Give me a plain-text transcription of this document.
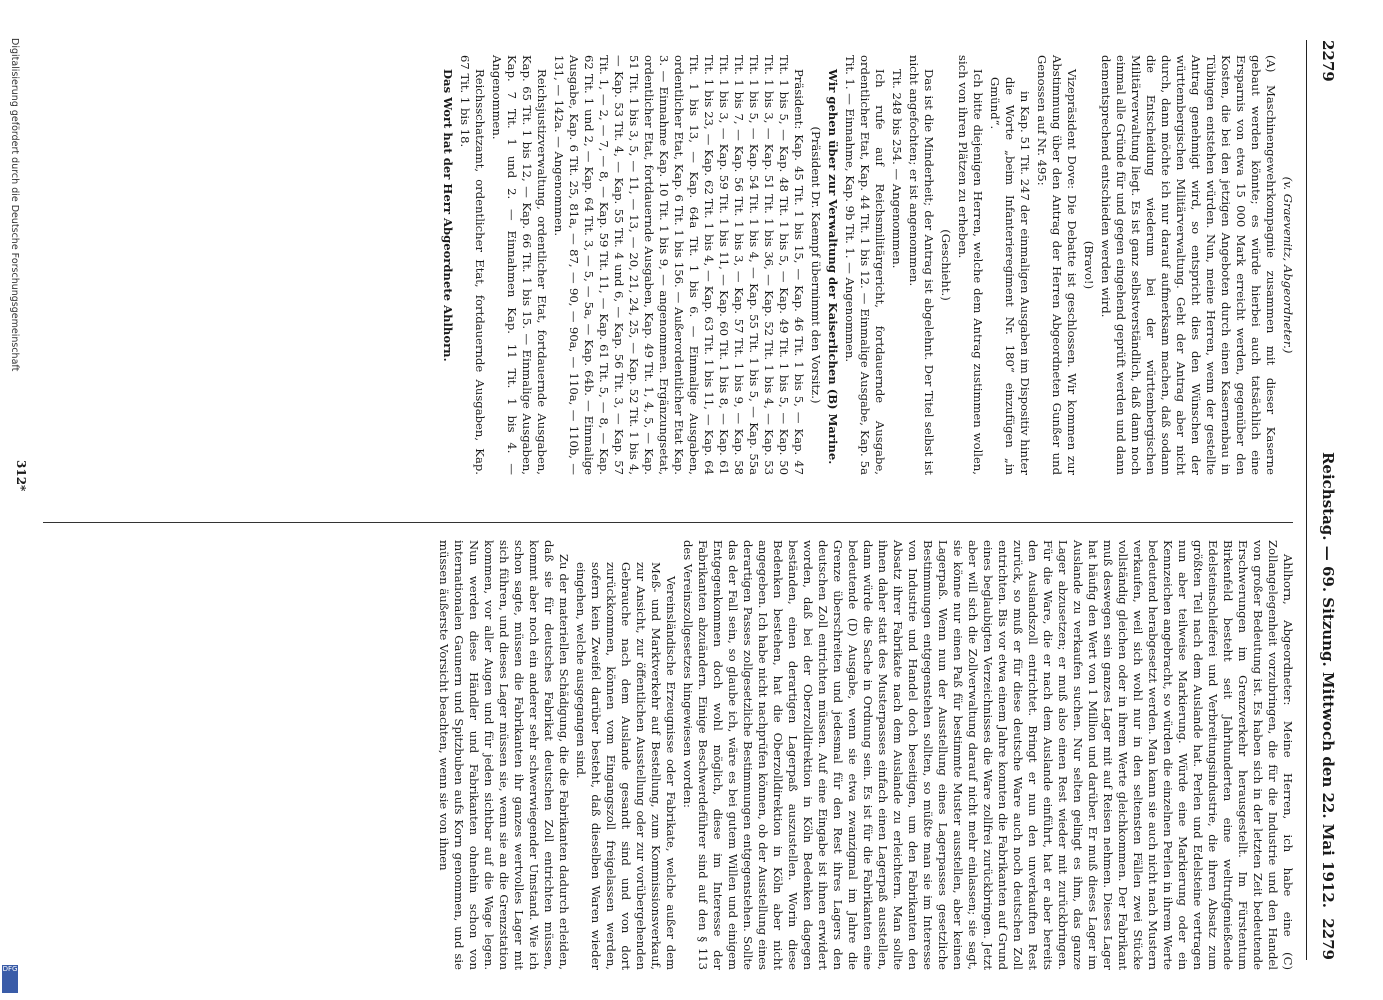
2279
Reichstag. — 69. Sitzung. Mittwoch den 22. Mai 1912.
2279

(v. Graevenitz, Abgeordneter.)

(A) Maschinengewehrkompagnie zusammen mit dieser Kaserne gebaut werden könnte; es würde hierbei auch tatsächlich eine Ersparnis von etwa 15 000 Mark erreicht werden, gegenüber den Kosten, die bei den jetzigen Angeboten durch einen Kasernenbau in Tübingen entstehen würden. Nun, meine Herren, wenn der gestellte Antrag genehmigt wird, so entspricht dies den Wünschen der württembergischen Militärverwaltung. Geht der Antrag aber nicht durch, dann möchte ich nur darauf aufmerksam machen, daß sodann die Entscheidung wiederum bei der württembergischen Militärverwaltung liegt. Es ist ganz selbstverständlich, daß dann noch einmal alle Gründe für und gegen eingehend geprüft werden und dann dementsprechend entschieden werden wird.

(Bravo!)

Vizepräsident Dove: Die Debatte ist geschlossen. Wir kommen zur Abstimmung über den Antrag der Herren Abgeordneten Gunßer und Genossen auf Nr. 495:

in Kap. 51 Tit. 247 der einmaligen Ausgaben im Dispositiv hinter die Worte „beim Infanterieregiment Nr. 180“ einzufügen „in Gmünd“.

Ich bitte diejenigen Herren, welche dem Antrag zustimmen wollen, sich von ihren Plätzen zu erheben.

(Geschieht.)

Das ist die Minderheit; der Antrag ist abgelehnt. Der Titel selbst ist nicht angefochten; er ist angenommen.

Tit. 248 bis 254. — Angenommen.

Ich rufe auf Reichsmilitärgericht, fortdauernde Ausgabe, ordentlicher Etat, Kap. 44 Tit. 1 bis 12. — Einmalige Ausgabe, Kap. 5a Tit. 1. — Einnahme, Kap. 9b Tit. 1. — Angenommen.

Wir gehen über zur Verwaltung der Kaiserlichen (B) Marine.

(Präsident Dr. Kaempf übernimmt den Vorsitz.)

Präsident: Kap. 45 Tit. 1 bis 15, — Kap. 46 Tit. 1 bis 5, — Kap. 47 Tit. 1 bis 5, — Kap. 48 Tit. 1 bis 5, — Kap. 49 Tit. 1 bis 5, — Kap. 50 Tit. 1 bis 3, — Kap. 51 Tit. 1 bis 36, — Kap. 52 Tit. 1 bis 4, — Kap. 53 Tit. 1 bis 5, — Kap. 54 Tit. 1 bis 4, — Kap. 55 Tit. 1 bis 5, — Kap. 55a Tit. 1 bis 7, — Kap. 56 Tit. 1 bis 3, — Kap. 57 Tit. 1 bis 9, — Kap. 58 Tit. 1 bis 3, — Kap. 59 Tit. 1 bis 11, — Kap. 60 Tit. 1 bis 8, — Kap. 61 Tit. 1 bis 23, — Kap. 62 Tit. 1 bis 4, — Kap. 63 Tit. 1 bis 11, — Kap. 64 Tit. 1 bis 13, — Kap. 64a Tit. 1 bis 6. — Einmalige Ausgaben, ordentlicher Etat, Kap. 6 Tit. 1 bis 156. — Außerordentlicher Etat Kap. 3. — Einnahme Kap. 10 Tit. 1 bis 9, — angenommen. Ergänzungsetat, ordentlicher Etat, fortdauernde Ausgaben, Kap. 49 Tit. 1, 4, 5, — Kap. 51 Tit. 1 bis 3, 5, — 11, — 13, — 20, 21, 24, 25, — Kap. 52 Tit. 1 bis 4, — Kap. 53 Tit. 4, — Kap. 55 Tit. 4 und 6, — Kap. 56 Tit. 3, — Kap. 57 Tit. 1, — 2, — 7, — 8, — Kap. 59 Tit. 11, — Kap. 61 Tit. 5, — 8, — Kap. 62 Tit. 1 und 2, — Kap. 64 Tit. 3, — 5, — 5a, — Kap. 64b. — Einmalige Ausgabe, Kap. 6 Tit. 25, 81a, — 87, — 90, — 90a, — 110a, — 110b, — 131, — 142a. — Angenommen.

Reichsjustizverwaltung, ordentlicher Etat, fortdauernde Ausgaben, Kap. 65 Tit. 1 bis 12, — Kap. 66 Tit. 1 bis 15. — Einmalige Ausgaben, Kap. 7 Tit. 1 und 2. — Einnahmen Kap. 11 Tit. 1 bis 4. — Angenommen.

Reichsschatzamt, ordentlicher Etat, fortdauernde Ausgaben, Kap. 67 Tit. 1 bis 18.

Das Wort hat der Herr Abgeordnete Ahlhorn.

Ahlhorn, Abgeordneter: Meine Herren, ich habe eine (C) Zollangelegenheit vorzubringen, die für die Industrie und den Handel von großer Bedeutung ist. Es haben sich in der letzten Zeit bedeutende Erschwerungen im Grenzverkehr herausgestellt. Im Fürstentum Birkenfeld besteht seit Jahrhunderten eine weltrufgenießende Edelsteinschleiferei und Verbreitungsindustrie, die ihren Absatz zum größten Teil nach dem Auslande hat. Perlen und Edelsteine vertragen nun aber teilweise Markierung. Würde eine Markierung oder ein Kennzeichen angebracht, so würden die einzelnen Perlen in ihrem Werte bedeutend herabgesetzt werden. Man kann sie auch nicht nach Mustern verkaufen, weil sich wohl nur in den seltensten Fällen zwei Stücke vollständig gleichen oder in ihrem Werte gleichkommen. Der Fabrikant muß deswegen sein ganzes Lager mit auf Reisen nehmen. Dieses Lager hat häufig den Wert von 1 Million und darüber. Er muß dieses Lager im Auslande zu verkaufen suchen. Nur selten gelingt es ihm, das ganze Lager abzusetzen; er muß also einen Rest wieder mit zurückbringen. Für die Ware, die er nach dem Auslande einführt, hat er aber bereits den Auslandszoll entrichtet. Bringt er nun den unverkauften Rest zurück, so muß er für diese deutsche Ware auch noch deutschen Zoll entrichten. Bis vor etwa einem Jahre konnten die Fabrikanten auf Grund eines beglaubigten Verzeichnisses die Ware zollfrei zurückbringen. Jetzt aber will sich die Zollverwaltung darauf nicht mehr einlassen; sie sagt, sie könne nur einen Paß für bestimmte Muster ausstellen, aber keinen Lagerpaß. Wenn nun der Ausstellung eines Lagerpasses gesetzliche Bestimmungen entgegenstehen sollten, so müßte man sie im Interesse von Industrie und Handel doch beseitigen, um den Fabrikanten den Absatz ihrer Fabrikate nach dem Auslande zu erleichtern. Man sollte ihnen daher statt des Musterpasses einfach einen Lagerpaß ausstellen, dann würde die Sache in Ordnung sein. Es ist für die Fabrikanten eine bedeutende (D) Ausgabe, wenn sie etwa zwanzigmal im Jahre die Grenze überschreiten und jedesmal für den Rest ihres Lagers den deutschen Zoll entrichten müssen. Auf eine Eingabe ist ihnen erwidert worden, daß bei der Oberzolldirektion in Köln Bedenken dagegen beständen, einen derartigen Lagerpaß auszustellen. Worin diese Bedenken bestehen, hat die Oberzolldirektion in Köln aber nicht angegeben. Ich habe nicht nachprüfen können, ob der Ausstellung eines derartigen Passes zollgesetzliche Bestimmungen entgegenstehen. Sollte das der Fall sein, so glaube ich, wäre es bei gutem Willen und einigem Entgegenkommen doch wohl möglich, diese im Interesse der Fabrikanten abzuändern. Einige Beschwerdeführer sind auf den § 113 des Vereinszollgesetzes hingewiesen worden:

Vereinsländische Erzeugnisse oder Fabrikate, welche außer dem Meß- und Marktverkehr auf Bestellung, zum Kommissionsverkauf, zur Ansicht, zur öffentlichen Ausstellung oder zur vorübergehenden Gebrauche nach dem Auslande gesandt sind und von dort zurückkommen, können vom Eingangszoll freigelassen werden, sofern kein Zweifel darüber besteht, daß dieselben Waren wieder eingehen, welche ausgegangen sind.

Zu der materiellen Schädigung, die die Fabrikanten dadurch erleiden, daß sie für deutsches Fabrikat deutschen Zoll entrichten müssen, kommt aber noch ein anderer sehr schwerwiegender Umstand. Wie ich schon sagte, müssen die Fabrikanten ihr ganzes wertvolles Lager mit sich führen, und dieses Lager müssen sie, wenn sie an die Grenzstation kommen, vor aller Augen und für jeden sichtbar auf die Wage legen. Nun werden diese Händler und Fabrikanten ohnehin schon von internationalen Gaunern und Spitzbuben aufs Korn genommen, und sie müssen äußerste Vorsicht beachten, wenn sie von ihnen

312*
Digitalisierung gefördert durch die Deutsche Forschungsgemeinschaft
DFG
